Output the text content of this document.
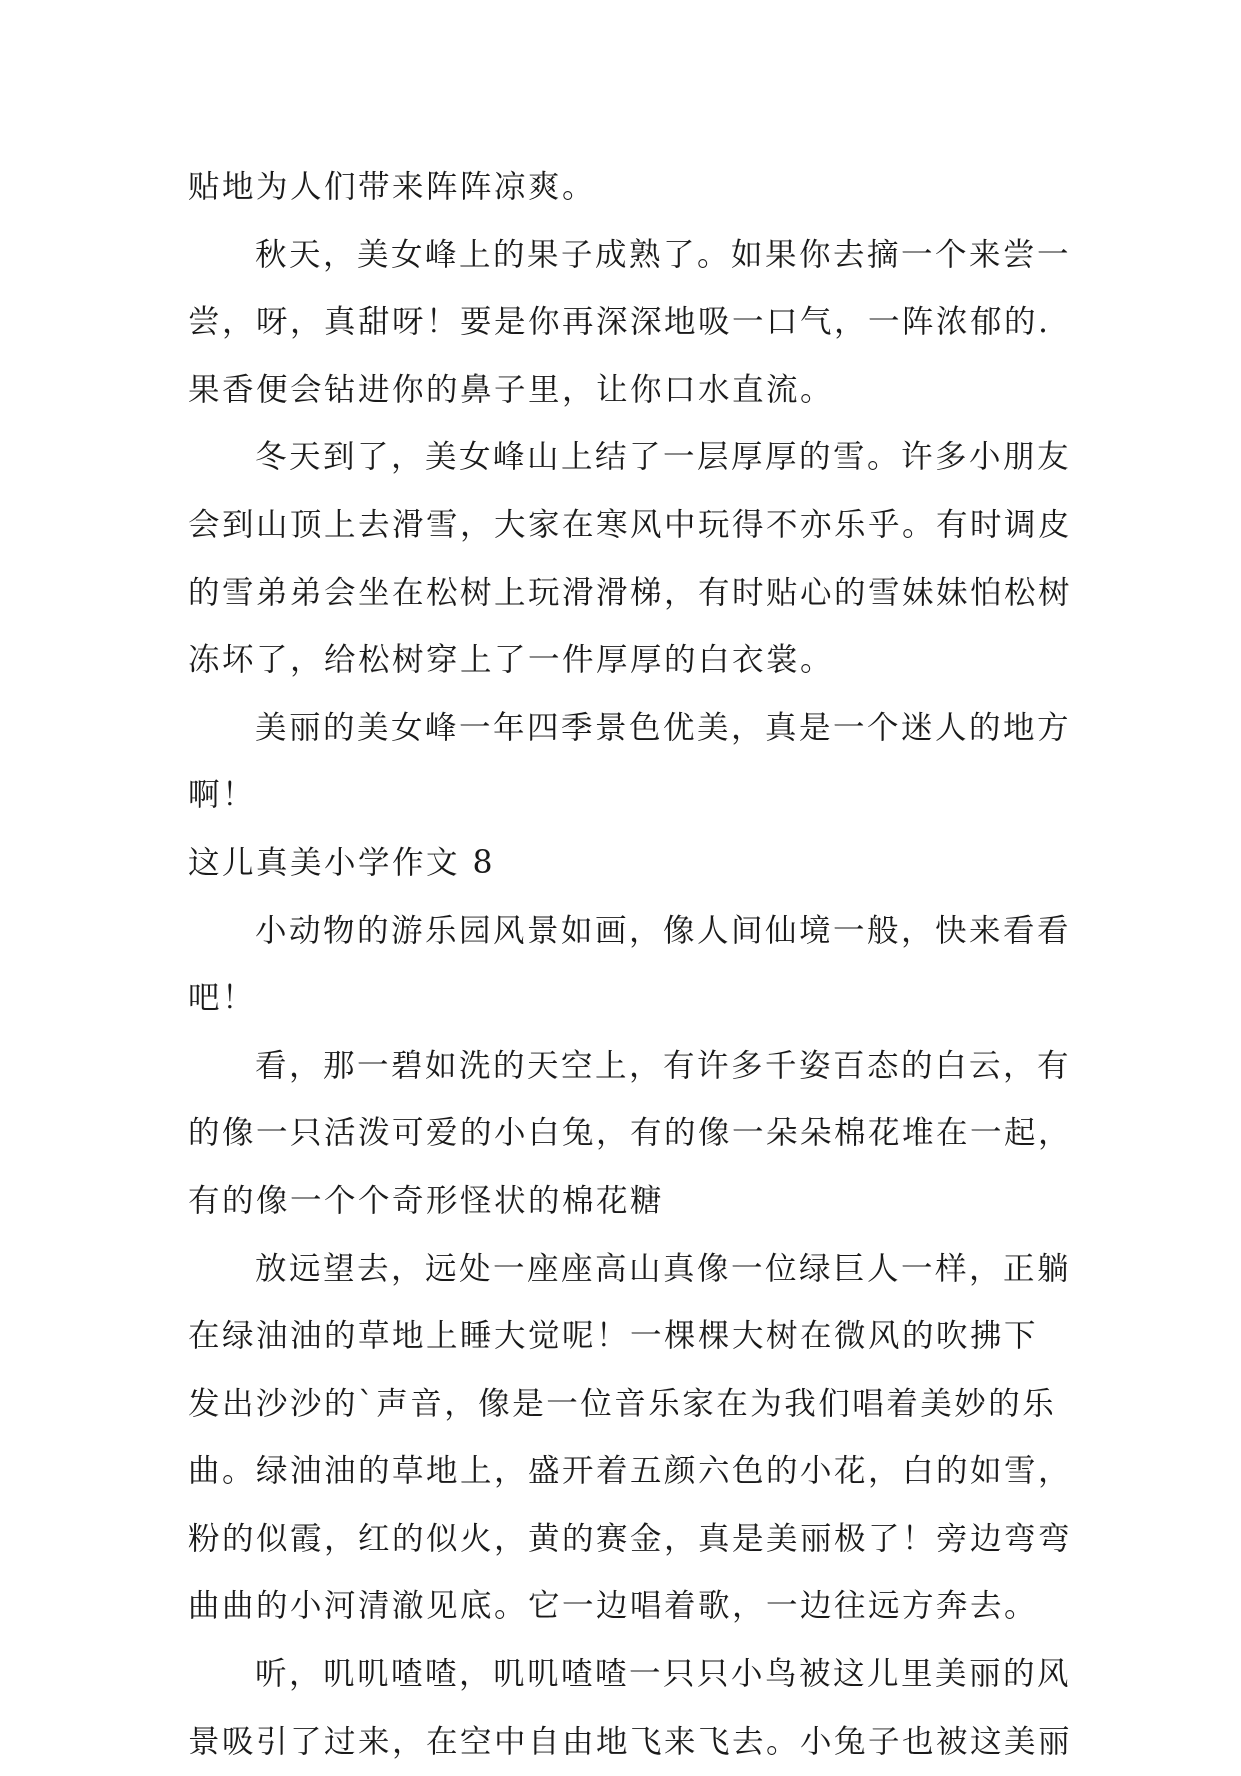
贴地为人们带来阵阵凉爽。
秋天，美女峰上的果子成熟了。如果你去摘一个来尝一
尝，呀，真甜呀！要是你再深深地吸一口气，一阵浓郁的.
果香便会钻进你的鼻子里，让你口水直流。
冬天到了，美女峰山上结了一层厚厚的雪。许多小朋友
会到山顶上去滑雪，大家在寒风中玩得不亦乐乎。有时调皮
的雪弟弟会坐在松树上玩滑滑梯，有时贴心的雪妹妹怕松树
冻坏了，给松树穿上了一件厚厚的白衣裳。
美丽的美女峰一年四季景色优美，真是一个迷人的地方
啊！
这儿真美小学作文 8
小动物的游乐园风景如画，像人间仙境一般，快来看看
吧！
看，那一碧如洗的天空上，有许多千姿百态的白云，有
的像一只活泼可爱的小白兔，有的像一朵朵棉花堆在一起，
有的像一个个奇形怪状的棉花糖
放远望去，远处一座座高山真像一位绿巨人一样，正躺
在绿油油的草地上睡大觉呢！一棵棵大树在微风的吹拂下
发出沙沙的`声音，像是一位音乐家在为我们唱着美妙的乐
曲。绿油油的草地上，盛开着五颜六色的小花，白的如雪，
粉的似霞，红的似火，黄的赛金，真是美丽极了！旁边弯弯
曲曲的小河清澈见底。它一边唱着歌，一边往远方奔去。
听，叽叽喳喳，叽叽喳喳一只只小鸟被这儿里美丽的风
景吸引了过来，在空中自由地飞来飞去。小兔子也被这美丽
